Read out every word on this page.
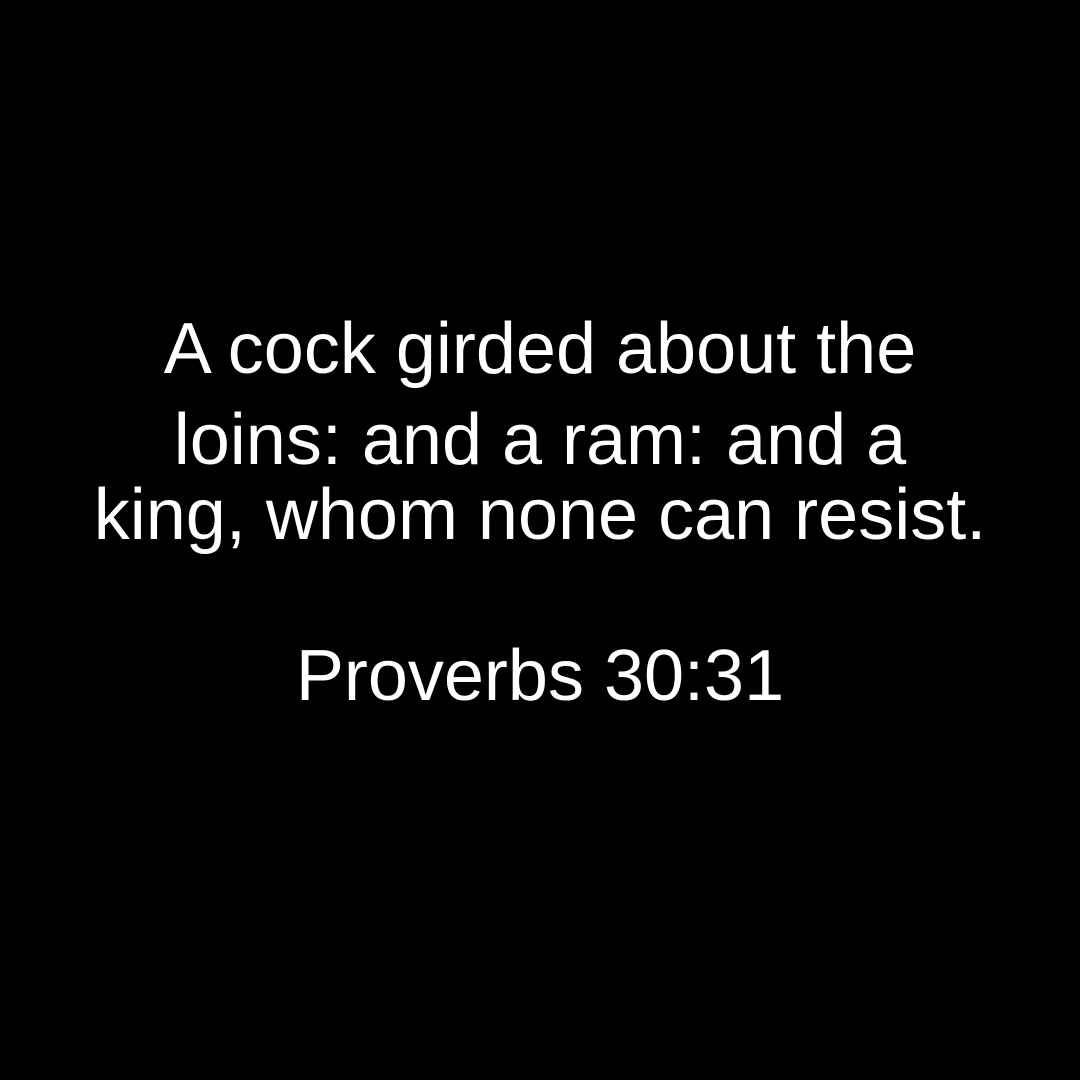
A cock girded about the

loins: and a ram: and a

king, whom none can resist.

Proverbs 30:31
